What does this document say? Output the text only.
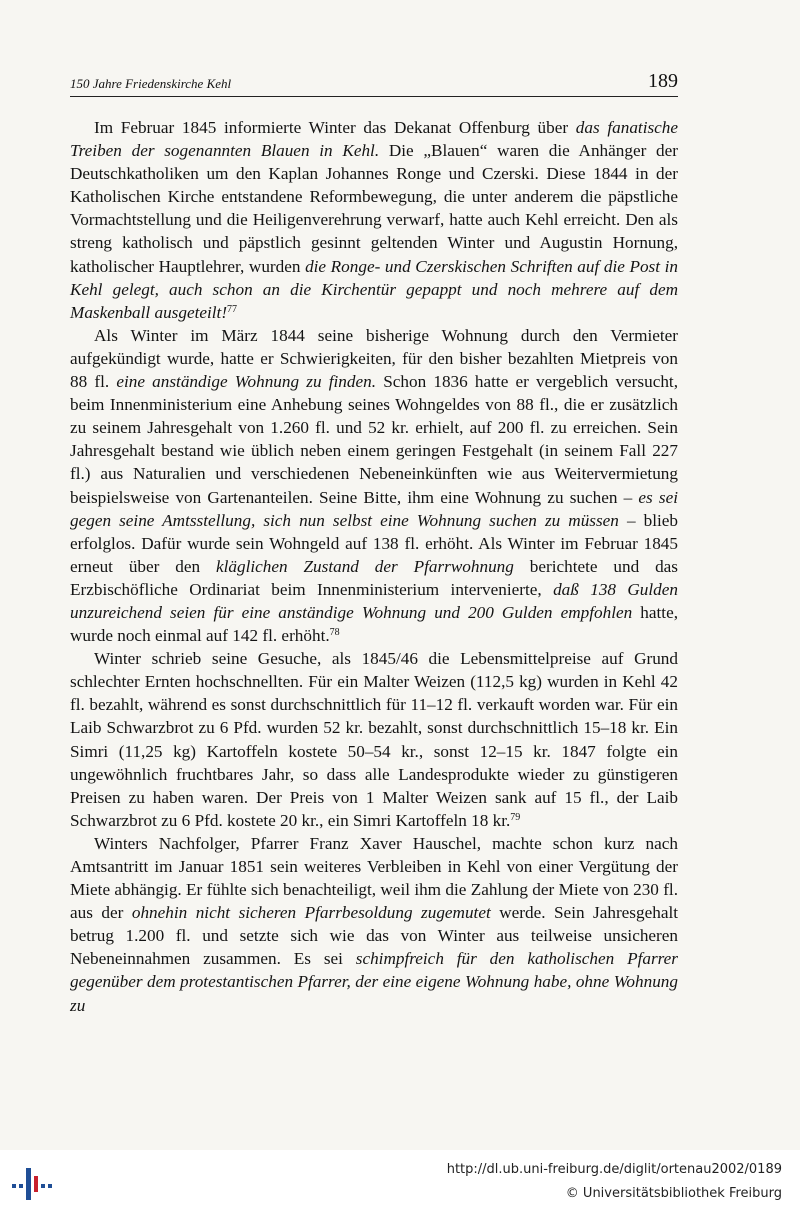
150 Jahre Friedenskirche Kehl	189

Im Februar 1845 informierte Winter das Dekanat Offenburg über das fanatische Treiben der sogenannten Blauen in Kehl. Die „Blauen“ waren die Anhänger der Deutschkatholiken um den Kaplan Johannes Ronge und Czerski. Diese 1844 in der Katholischen Kirche entstandene Reformbewegung, die unter anderem die päpstliche Vormachtstellung und die Heiligenverehrung verwarf, hatte auch Kehl erreicht. Den als streng katholisch und päpstlich gesinnt geltenden Winter und Augustin Hornung, katholischer Hauptlehrer, wurden die Ronge- und Czerskischen Schriften auf die Post in Kehl gelegt, auch schon an die Kirchentür gepappt und noch mehrere auf dem Maskenball ausgeteilt!$^{77}$

Als Winter im März 1844 seine bisherige Wohnung durch den Vermieter aufgekündigt wurde, hatte er Schwierigkeiten, für den bisher bezahlten Mietpreis von 88 fl. eine anständige Wohnung zu finden. Schon 1836 hatte er vergeblich versucht, beim Innenministerium eine Anhebung seines Wohngeldes von 88 fl., die er zusätzlich zu seinem Jahresgehalt von 1.260 fl. und 52 kr. erhielt, auf 200 fl. zu erreichen. Sein Jahresgehalt bestand wie üblich neben einem geringen Festgehalt (in seinem Fall 227 fl.) aus Naturalien und verschiedenen Nebeneinkünften wie aus Weitervermietung beispielsweise von Gartenanteilen. Seine Bitte, ihm eine Wohnung zu suchen – es sei gegen seine Amtsstellung, sich nun selbst eine Wohnung suchen zu müssen – blieb erfolglos. Dafür wurde sein Wohngeld auf 138 fl. erhöht. Als Winter im Februar 1845 erneut über den kläglichen Zustand der Pfarrwohnung berichtete und das Erzbischöfliche Ordinariat beim Innenministerium intervenierte, daß 138 Gulden unzureichend seien für eine anständige Wohnung und 200 Gulden empfohlen hatte, wurde noch einmal auf 142 fl. erhöht.$^{78}$

Winter schrieb seine Gesuche, als 1845/46 die Lebensmittelpreise auf Grund schlechter Ernten hochschnellten. Für ein Malter Weizen (112,5 kg) wurden in Kehl 42 fl. bezahlt, während es sonst durchschnittlich für 11–12 fl. verkauft worden war. Für ein Laib Schwarzbrot zu 6 Pfd. wurden 52 kr. bezahlt, sonst durchschnittlich 15–18 kr. Ein Simri (11,25 kg) Kartoffeln kostete 50–54 kr., sonst 12–15 kr. 1847 folgte ein ungewöhnlich fruchtbares Jahr, so dass alle Landesprodukte wieder zu günstigeren Preisen zu haben waren. Der Preis von 1 Malter Weizen sank auf 15 fl., der Laib Schwarzbrot zu 6 Pfd. kostete 20 kr., ein Simri Kartoffeln 18 kr.$^{79}$

Winters Nachfolger, Pfarrer Franz Xaver Hauschel, machte schon kurz nach Amtsantritt im Januar 1851 sein weiteres Verbleiben in Kehl von einer Vergütung der Miete abhängig. Er fühlte sich benachteiligt, weil ihm die Zahlung der Miete von 230 fl. aus der ohnehin nicht sicheren Pfarrbesoldung zugemutet werde. Sein Jahresgehalt betrug 1.200 fl. und setzte sich wie das von Winter aus teilweise unsicheren Nebeneinnahmen zusammen. Es sei schimpfreich für den katholischen Pfarrer gegenüber dem protestantischen Pfarrer, der eine eigene Wohnung habe, ohne Wohnung zu

http://dl.ub.uni-freiburg.de/diglit/ortenau2002/0189
© Universitätsbibliothek Freiburg
